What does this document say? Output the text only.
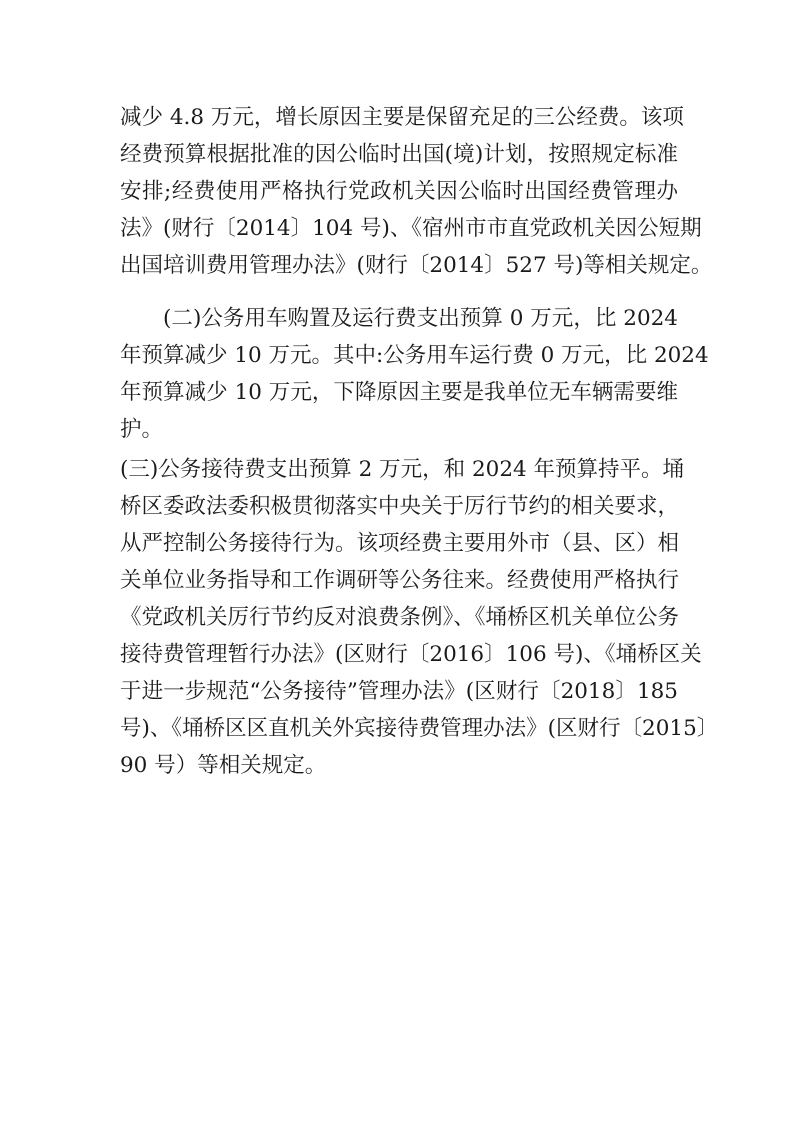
减少 4.8 万元，增长原因主要是保留充足的三公经费。该项
经费预算根据批准的因公临时出国(境)计划，按照规定标准
安排;经费使用严格执行党政机关因公临时出国经费管理办
法》(财行〔2014〕104 号)、《宿州市市直党政机关因公短期
出国培训费用管理办法》(财行〔2014〕527 号)等相关规定。
(二)公务用车购置及运行费支出预算 0 万元，比 2024
年预算减少 10 万元。其中:公务用车运行费 0 万元，比 2024
年预算减少 10 万元，下降原因主要是我单位无车辆需要维
护。
(三)公务接待费支出预算 2 万元，和 2024 年预算持平。埇
桥区委政法委积极贯彻落实中央关于厉行节约的相关要求，
从严控制公务接待行为。该项经费主要用外市（县、区）相
关单位业务指导和工作调研等公务往来。经费使用严格执行
《党政机关厉行节约反对浪费条例》、《埇桥区机关单位公务
接待费管理暂行办法》(区财行〔2016〕106 号)、《埇桥区关
于进一步规范“公务接待”管理办法》(区财行〔2018〕185
号)、《埇桥区区直机关外宾接待费管理办法》(区财行〔2015〕
90 号）等相关规定。
